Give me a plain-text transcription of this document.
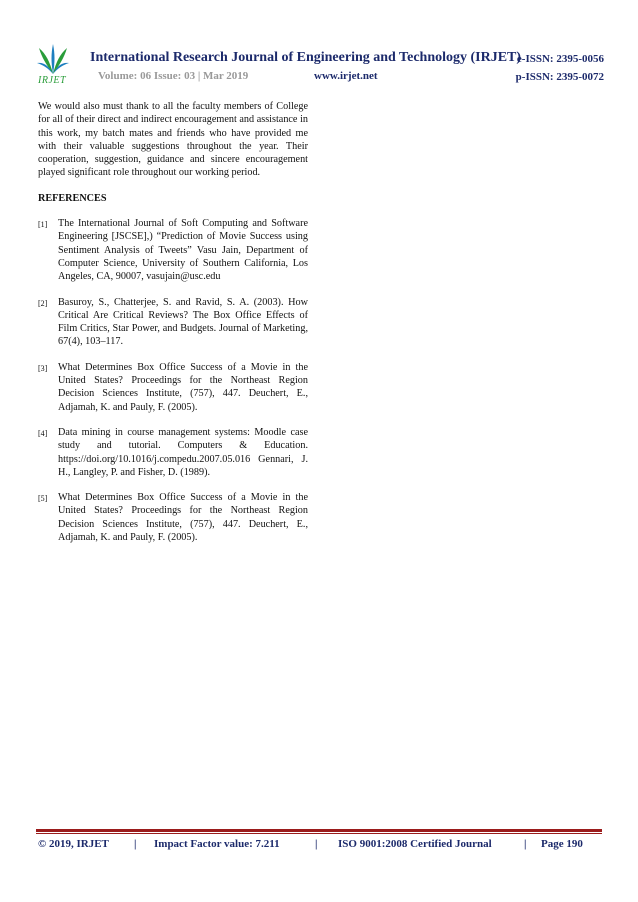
IRJET
International Research Journal of Engineering and Technology (IRJET)
e-ISSN: 2395-0056
Volume: 06 Issue: 03 | Mar 2019	www.irjet.net	p-ISSN: 2395-0072

We would also must thank to all the faculty members of College for all of their direct and indirect encouragement and assistance in this work, my batch mates and friends who have provided me with their valuable suggestions throughout the year. Their cooperation, suggestion, guidance and sincere encouragement played significant role throughout our working period.

REFERENCES
[1] The International Journal of Soft Computing and Software Engineering [JSCSE],) “Prediction of Movie Success using Sentiment Analysis of Tweets” Vasu Jain, Department of Computer Science, University of Southern California, Los Angeles, CA, 90007, vasujain@usc.edu
[2] Basuroy, S., Chatterjee, S. and Ravid, S. A. (2003). How Critical Are Critical Reviews? The Box Office Effects of Film Critics, Star Power, and Budgets. Journal of Marketing, 67(4), 103–117.
[3] What Determines Box Office Success of a Movie in the United States? Proceedings for the Northeast Region Decision Sciences Institute, (757), 447. Deuchert, E., Adjamah, K. and Pauly, F. (2005).
[4] Data mining in course management systems: Moodle case study and tutorial. Computers & Education. https://doi.org/10.1016/j.compedu.2007.05.016 Gennari, J. H., Langley, P. and Fisher, D. (1989).
[5] What Determines Box Office Success of a Movie in the United States? Proceedings for the Northeast Region Decision Sciences Institute, (757), 447. Deuchert, E., Adjamah, K. and Pauly, F. (2005).
© 2019, IRJET | Impact Factor value: 7.211	| ISO 9001:2008 Certified Journal	| Page 190
